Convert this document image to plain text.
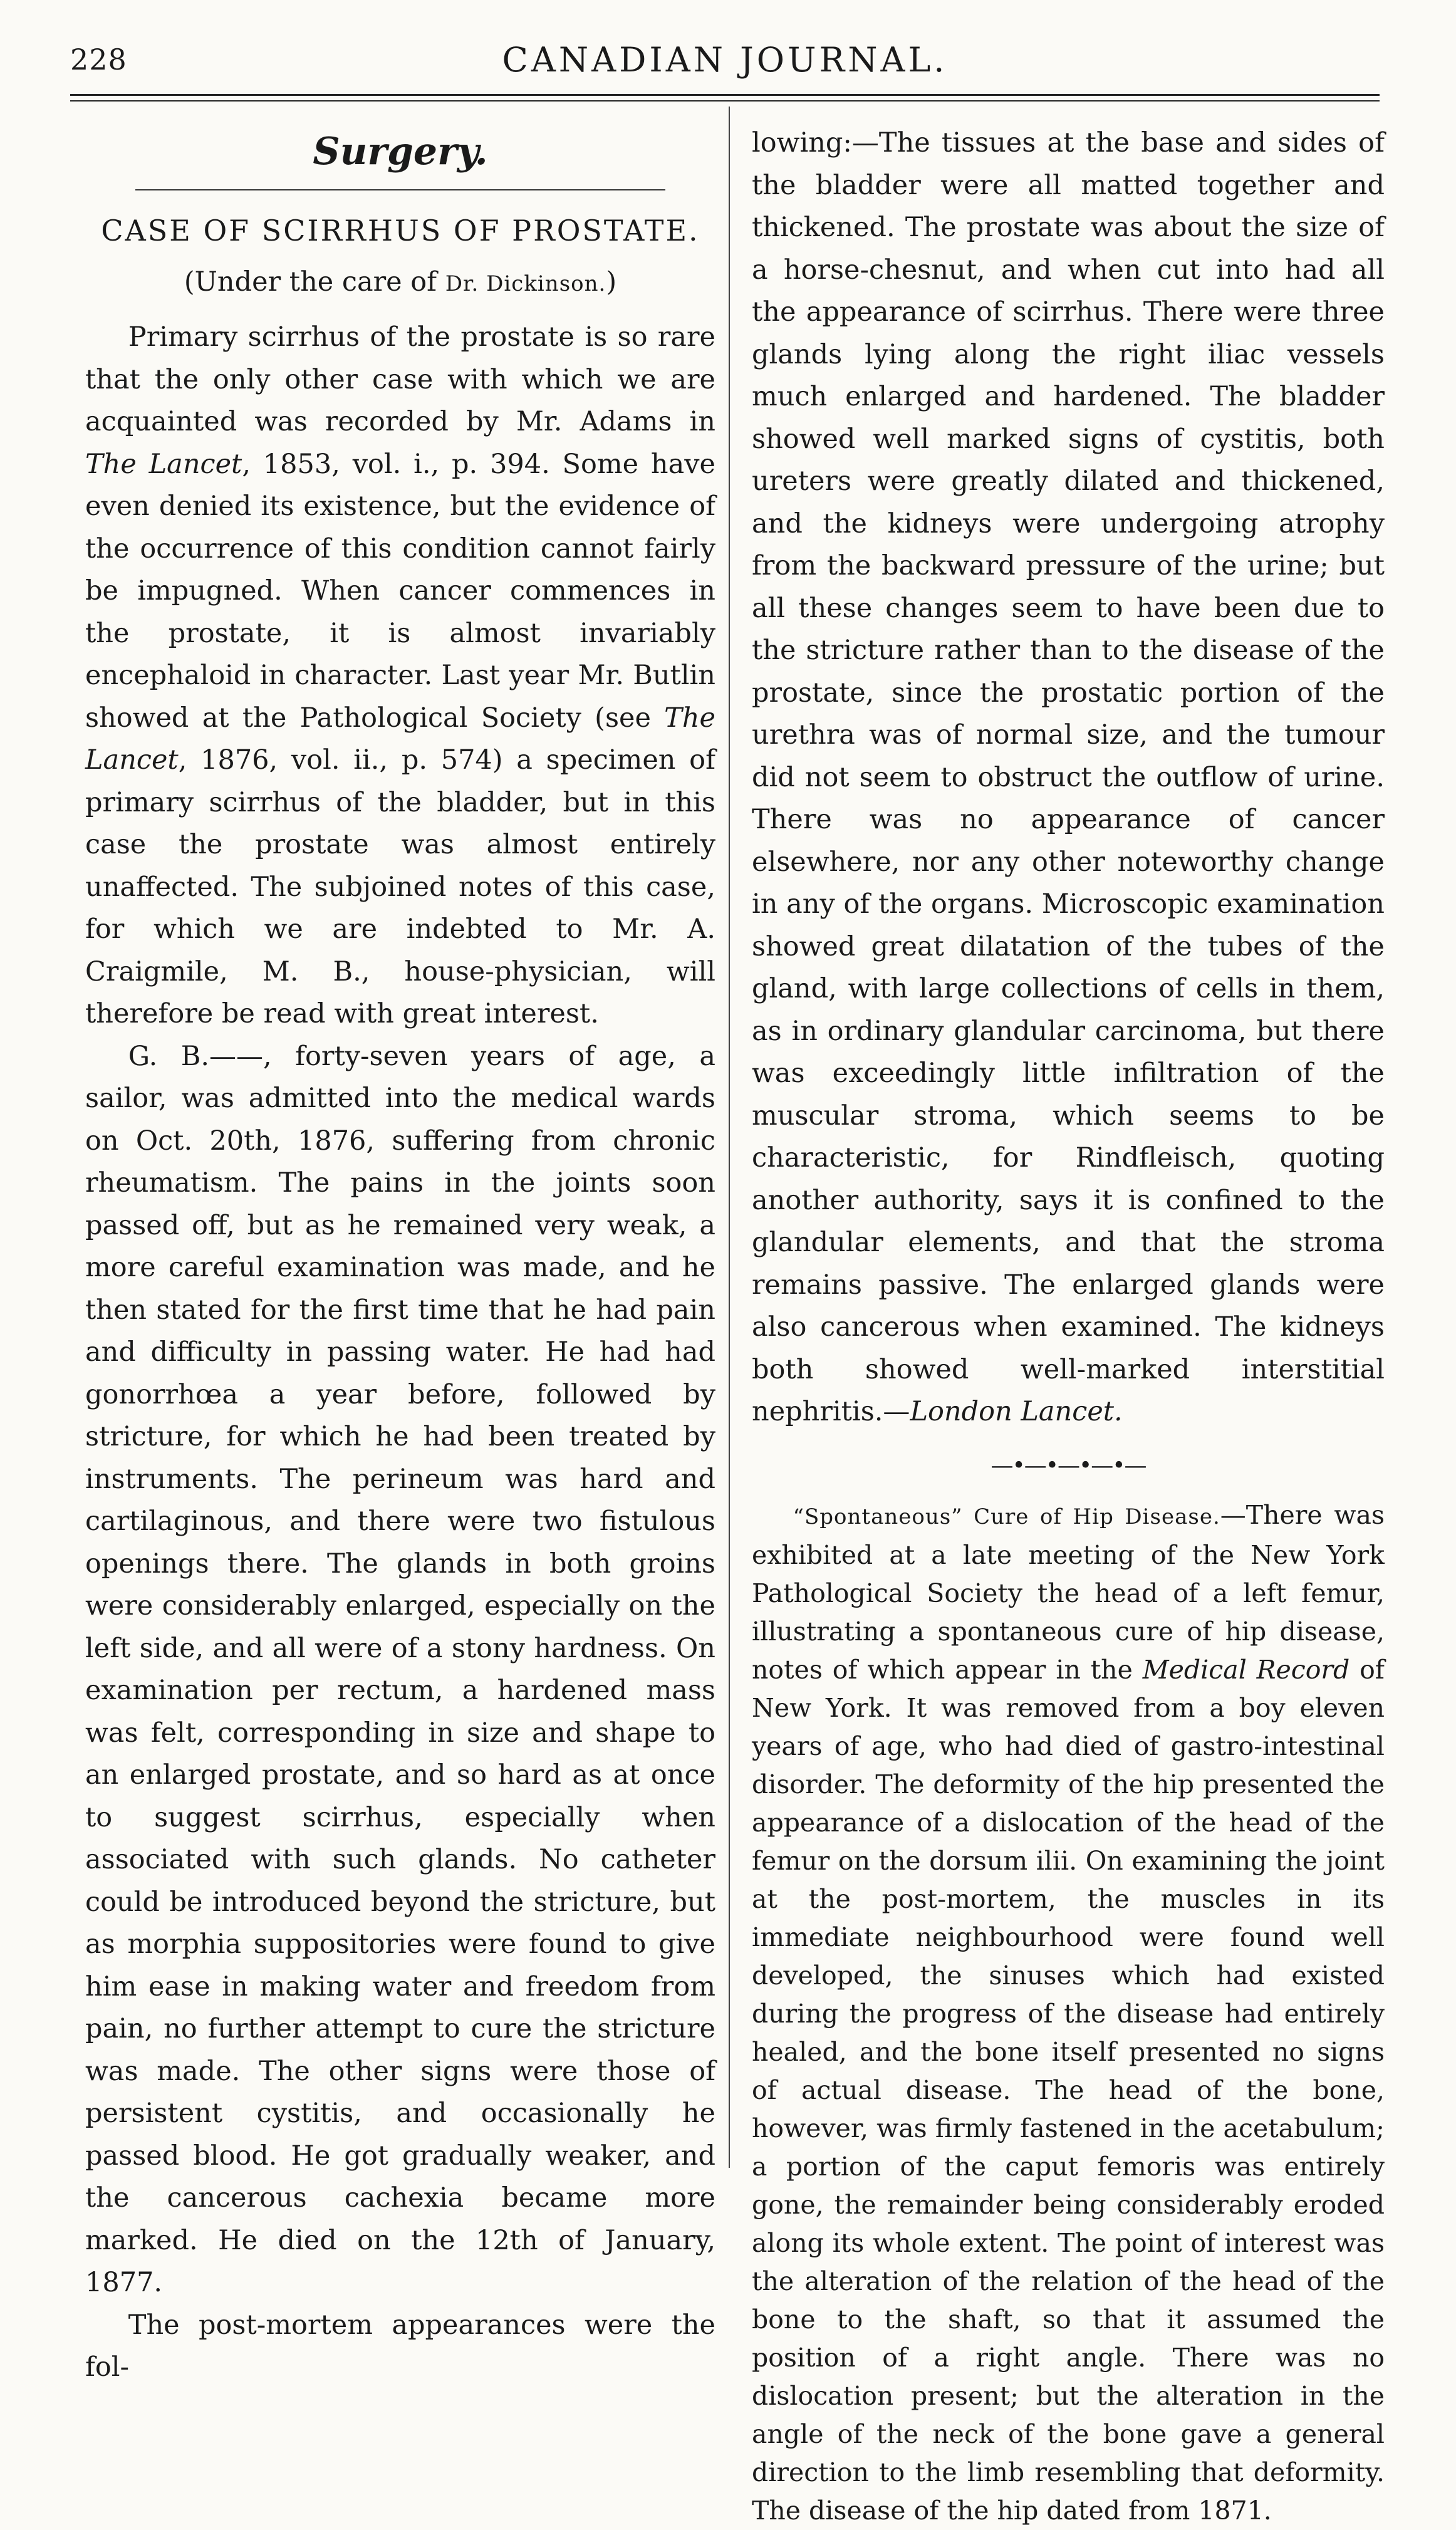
228	CANADIAN JOURNAL.
Surgery.
CASE OF SCIRRHUS OF PROSTATE.
(Under the care of Dr. Dickinson.)

Primary scirrhus of the prostate is so rare that the only other case with which we are acquainted was recorded by Mr. Adams in The Lancet, 1853, vol. i., p. 394. Some have even denied its existence, but the evidence of the occurrence of this condition cannot fairly be impugned. When cancer commences in the prostate, it is almost invariably encephaloid in character. Last year Mr. Butlin showed at the Pathological Society (see The Lancet, 1876, vol. ii., p. 574) a specimen of primary scirrhus of the bladder, but in this case the prostate was almost entirely unaffected. The subjoined notes of this case, for which we are indebted to Mr. A. Craigmile, M. B., house-physician, will therefore be read with great interest.

G. B.——, forty-seven years of age, a sailor, was admitted into the medical wards on Oct. 20th, 1876, suffering from chronic rheumatism. The pains in the joints soon passed off, but as he remained very weak, a more careful examination was made, and he then stated for the first time that he had pain and difficulty in passing water. He had had gonorrhœa a year before, followed by stricture, for which he had been treated by instruments. The perineum was hard and cartilaginous, and there were two fistulous openings there. The glands in both groins were considerably enlarged, especially on the left side, and all were of a stony hardness. On examination per rectum, a hardened mass was felt, corresponding in size and shape to an enlarged prostate, and so hard as at once to suggest scirrhus, especially when associated with such glands. No catheter could be introduced beyond the stricture, but as morphia suppositories were found to give him ease in making water and freedom from pain, no further attempt to cure the stricture was made. The other signs were those of persistent cystitis, and occasionally he passed blood. He got gradually weaker, and the cancerous cachexia became more marked. He died on the 12th of January, 1877.

The post-mortem appearances were the fol-

lowing:—The tissues at the base and sides of the bladder were all matted together and thickened. The prostate was about the size of a horse-chesnut, and when cut into had all the appearance of scirrhus. There were three glands lying along the right iliac vessels much enlarged and hardened. The bladder showed well marked signs of cystitis, both ureters were greatly dilated and thickened, and the kidneys were undergoing atrophy from the backward pressure of the urine; but all these changes seem to have been due to the stricture rather than to the disease of the prostate, since the prostatic portion of the urethra was of normal size, and the tumour did not seem to obstruct the outflow of urine. There was no appearance of cancer elsewhere, nor any other noteworthy change in any of the organs. Microscopic examination showed great dilatation of the tubes of the gland, with large collections of cells in them, as in ordinary glandular carcinoma, but there was exceedingly little infiltration of the muscular stroma, which seems to be characteristic, for Rindfleisch, quoting another authority, says it is confined to the glandular elements, and that the stroma remains passive. The enlarged glands were also cancerous when examined. The kidneys both showed well-marked interstitial nephritis.—London Lancet.

—•—•—•—•—

“Spontaneous” Cure of Hip Disease.—There was exhibited at a late meeting of the New York Pathological Society the head of a left femur, illustrating a spontaneous cure of hip disease, notes of which appear in the Medical Record of New York. It was removed from a boy eleven years of age, who had died of gastro-intestinal disorder. The deformity of the hip presented the appearance of a dislocation of the head of the femur on the dorsum ilii. On examining the joint at the post-mortem, the muscles in its immediate neighbourhood were found well developed, the sinuses which had existed during the progress of the disease had entirely healed, and the bone itself presented no signs of actual disease. The head of the bone, however, was firmly fastened in the acetabulum; a portion of the caput femoris was entirely gone, the remainder being considerably eroded along its whole extent. The point of interest was the alteration of the relation of the head of the bone to the shaft, so that it assumed the position of a right angle. There was no dislocation present; but the alteration in the angle of the neck of the bone gave a general direction to the limb resembling that deformity. The disease of the hip dated from 1871.
